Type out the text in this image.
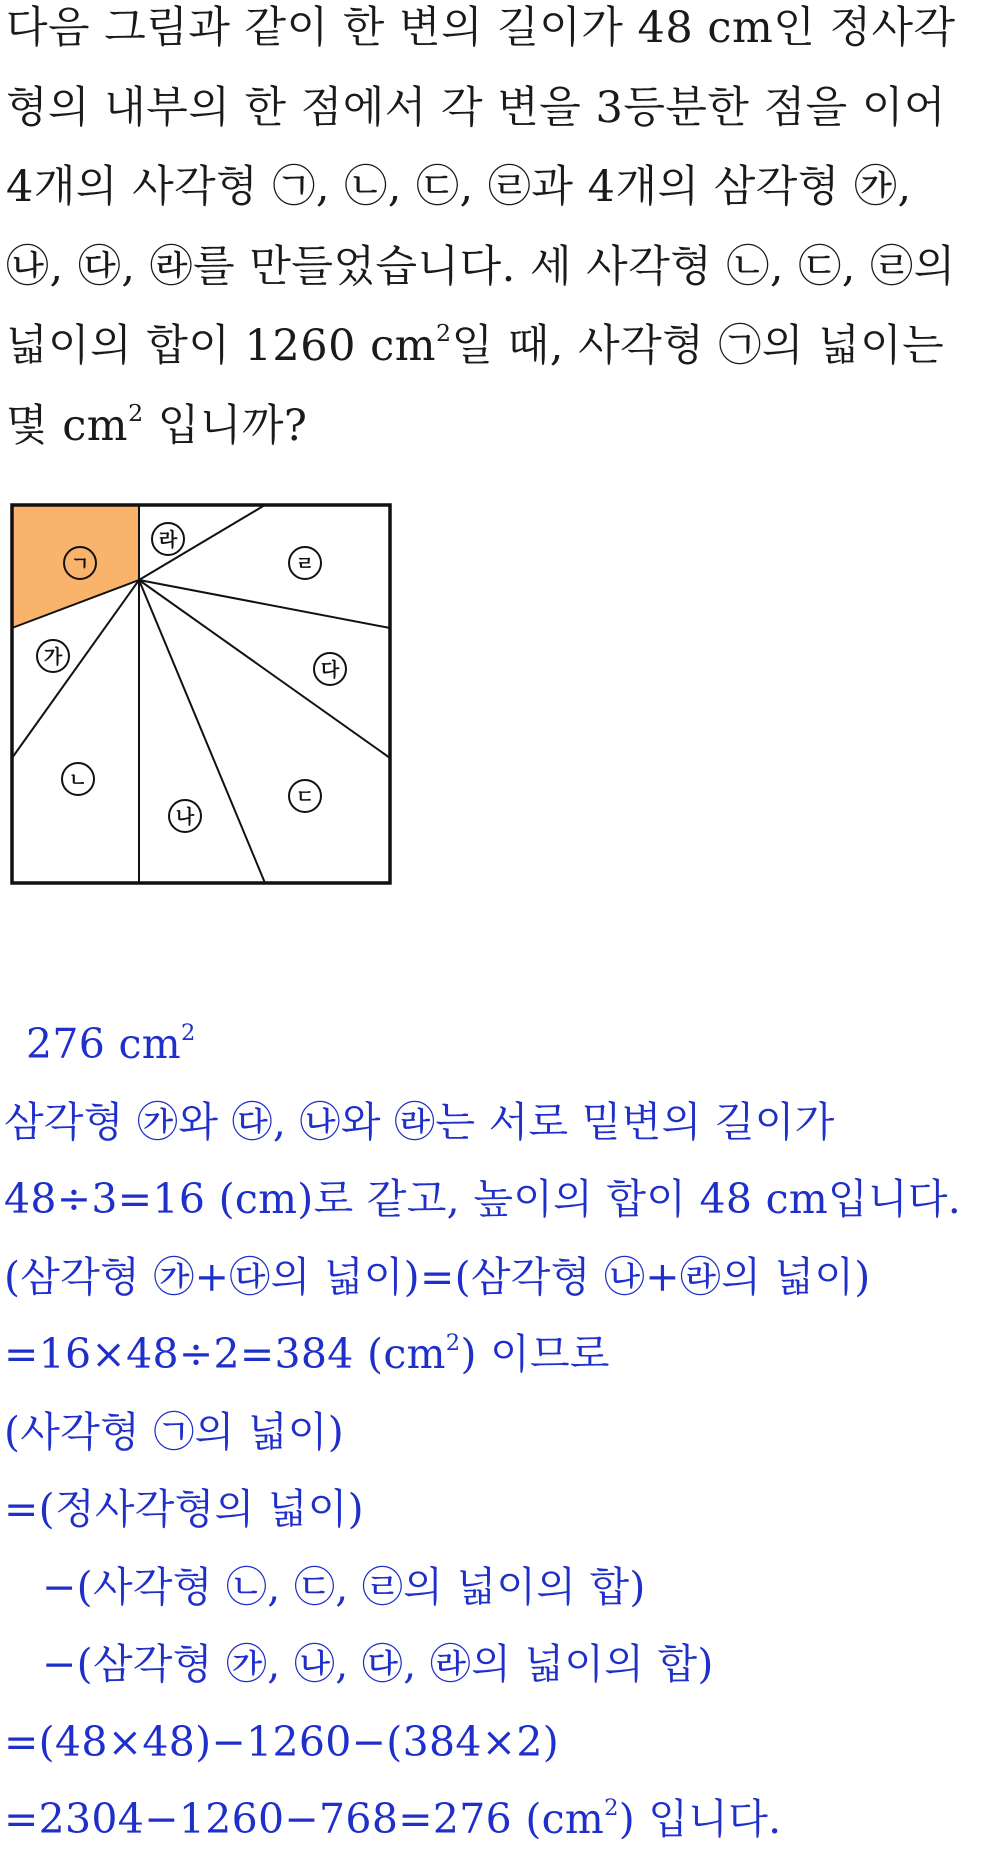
다음 그림과 같이 한 변의 길이가 48 cm인 정사각
형의 내부의 한 점에서 각 변을 3등분한 점을 이어
4개의 사각형 ㉠, ㉡, ㉢, ㉣과 4개의 삼각형 ㉮,
㉯, ㉰, ㉱를 만들었습니다. 세 사각형 ㉡, ㉢, ㉣의
넓이의 합이 1260 $cm^2$일 때, 사각형 ㉠의 넓이는
몇 $cm^2$ 입니까?
ㄱ
라
ㄹ
가
다
ㄴ
ㄷ
나
276 $cm^2$
삼각형 ㉮와 ㉰, ㉯와 ㉱는 서로 밑변의 길이가
48÷3=16 (cm)로 같고, 높이의 합이 48 cm입니다.
(삼각형 ㉮+㉰의 넓이)=(삼각형 ㉯+㉱의 넓이)
=16×48÷2=384 $(cm^2)$ 이므로
(사각형 ㉠의 넓이)
=(정사각형의 넓이)
−(사각형 ㉡, ㉢, ㉣의 넓이의 합)
−(삼각형 ㉮, ㉯, ㉰, ㉱의 넓이의 합)
=(48×48)−1260−(384×2)
=2304−1260−768=276 $(cm^2)$ 입니다.
